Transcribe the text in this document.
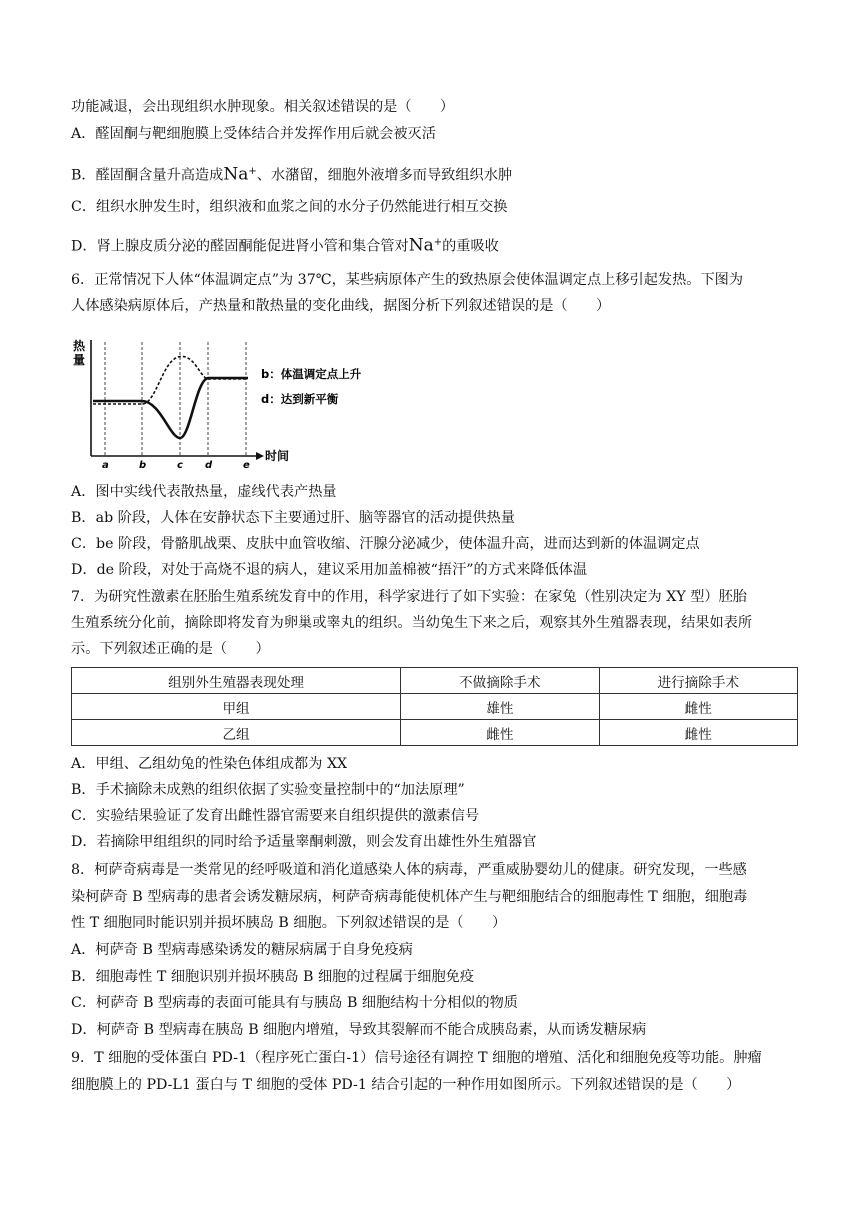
功能减退，会出现组织水肿现象。相关叙述错误的是（　　）
A．醛固酮与靶细胞膜上受体结合并发挥作用后就会被灭活
B．醛固酮含量升高造成Na+、水潴留，细胞外液增多而导致组织水肿
C．组织水肿发生时，组织液和血浆之间的水分子仍然能进行相互交换
D．肾上腺皮质分泌的醛固酮能促进肾小管和集合管对Na+的重吸收
6．正常情况下人体“体温调定点”为 37℃，某些病原体产生的致热原会使体温调定点上移引起发热。下图为
人体感染病原体后，产热量和散热量的变化曲线，据图分析下列叙述错误的是（　　）
热
量
时间
a	b	c d	e
b：体温调定点上升
d：达到新平衡
A．图中实线代表散热量，虚线代表产热量
B．ab 阶段，人体在安静状态下主要通过肝、脑等器官的活动提供热量
C．be 阶段，骨骼肌战栗、皮肤中血管收缩、汗腺分泌减少，使体温升高，进而达到新的体温调定点
D．de 阶段，对处于高烧不退的病人，建议采用加盖棉被“捂汗”的方式来降低体温
7．为研究性激素在胚胎生殖系统发育中的作用，科学家进行了如下实验：在家兔（性别决定为 XY 型）胚胎
生殖系统分化前，摘除即将发育为卵巢或睾丸的组织。当幼兔生下来之后，观察其外生殖器表现，结果如表所
示。下列叙述正确的是（　　）
组别外生殖器表现处理	不做摘除手术	进行摘除手术
甲组	雄性	雌性
乙组	雌性	雌性
A．甲组、乙组幼兔的性染色体组成都为 XX
B．手术摘除未成熟的组织依据了实验变量控制中的“加法原理”
C．实验结果验证了发育出雌性器官需要来自组织提供的激素信号
D．若摘除甲组组织的同时给予适量睾酮刺激，则会发育出雄性外生殖器官
8．柯萨奇病毒是一类常见的经呼吸道和消化道感染人体的病毒，严重威胁婴幼儿的健康。研究发现，一些感
染柯萨奇 B 型病毒的患者会诱发糖尿病，柯萨奇病毒能使机体产生与靶细胞结合的细胞毒性 T 细胞，细胞毒
性 T 细胞同时能识别并损坏胰岛 B 细胞。下列叙述错误的是（　　）
A．柯萨奇 B 型病毒感染诱发的糖尿病属于自身免疫病
B．细胞毒性 T 细胞识别并损坏胰岛 B 细胞的过程属于细胞免疫
C．柯萨奇 B 型病毒的表面可能具有与胰岛 B 细胞结构十分相似的物质
D．柯萨奇 B 型病毒在胰岛 B 细胞内增殖，导致其裂解而不能合成胰岛素，从而诱发糖尿病
9．T 细胞的受体蛋白 PD-1（程序死亡蛋白-1）信号途径有调控 T 细胞的增殖、活化和细胞免疫等功能。肿瘤
细胞膜上的 PD-L1 蛋白与 T 细胞的受体 PD-1 结合引起的一种作用如图所示。下列叙述错误的是（　　）
